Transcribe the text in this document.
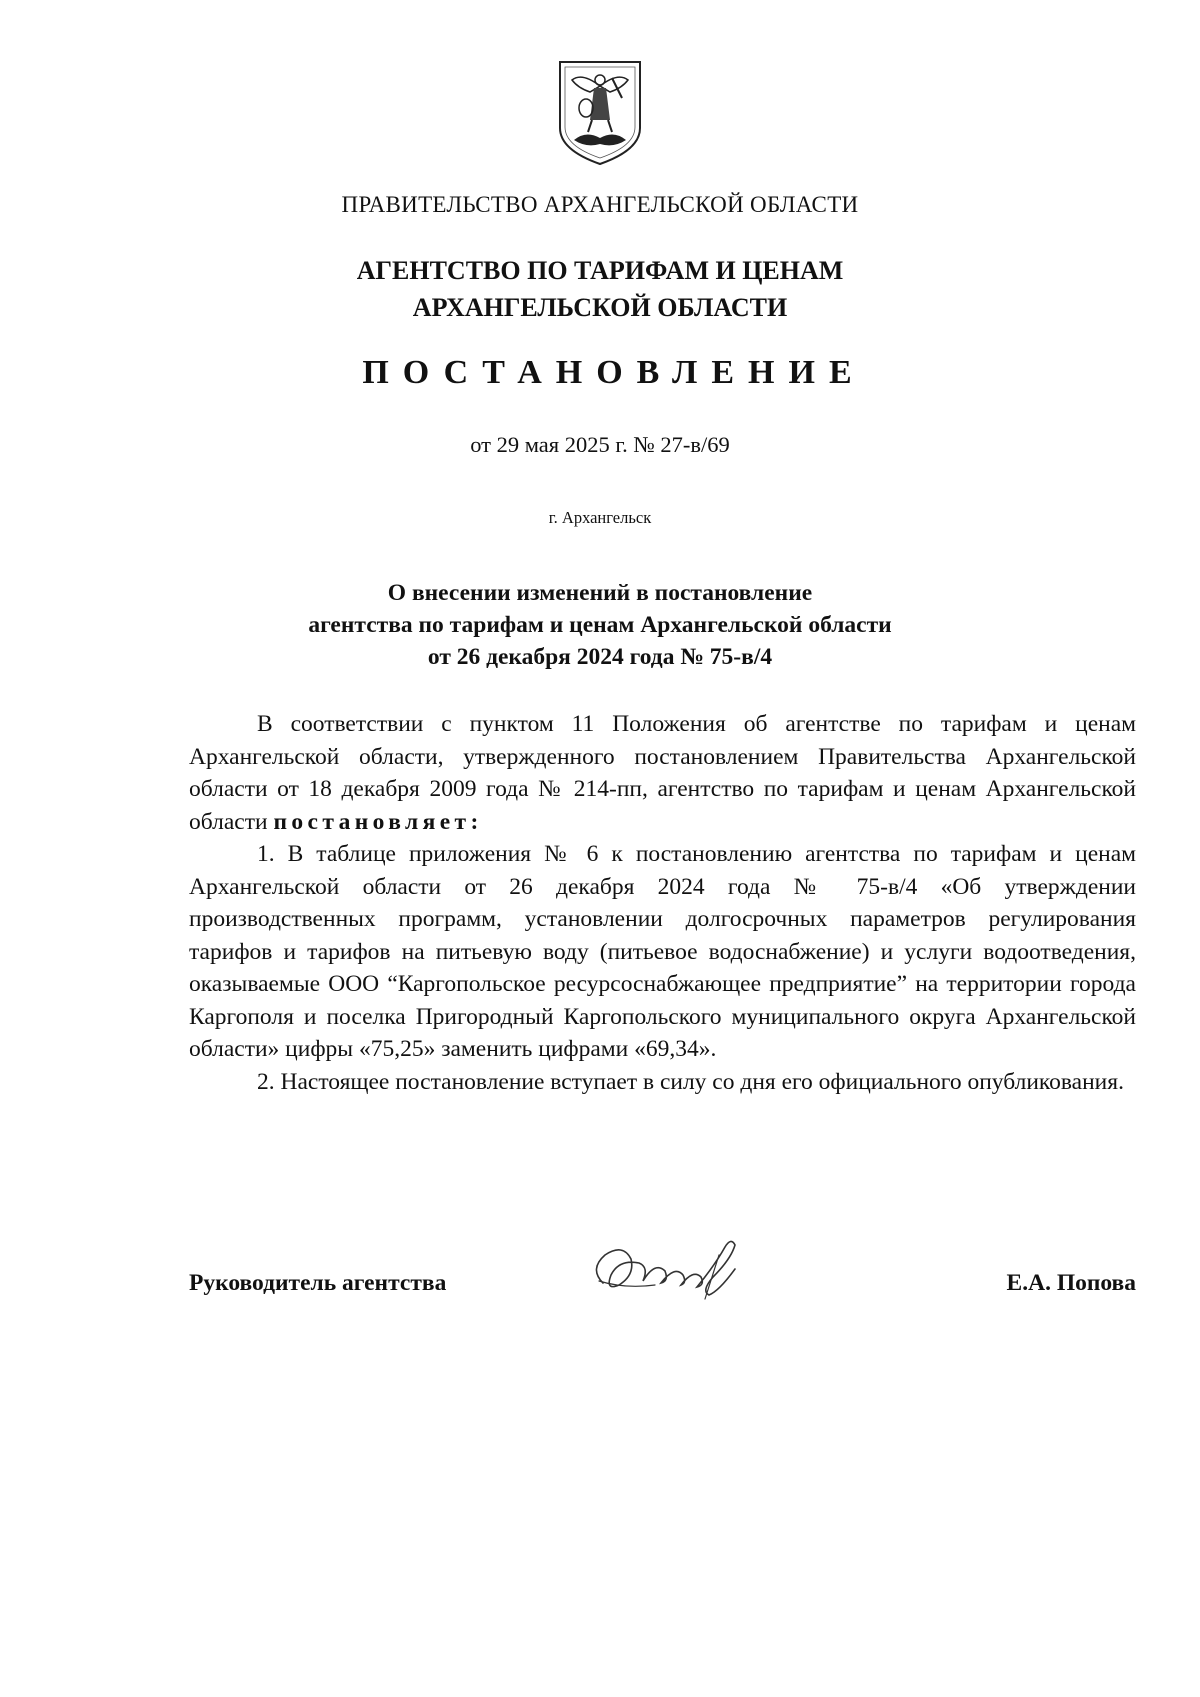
ПРАВИТЕЛЬСТВО АРХАНГЕЛЬСКОЙ ОБЛАСТИ
АГЕНТСТВО ПО ТАРИФАМ И ЦЕНАМ
АРХАНГЕЛЬСКОЙ ОБЛАСТИ
ПОСТАНОВЛЕНИЕ
от 29 мая 2025 г. № 27-в/69
г. Архангельск
О внесении изменений в постановление
агентства по тарифам и ценам Архангельской области
от 26 декабря 2024 года № 75-в/4

В соответствии с пунктом 11 Положения об агентстве по тарифам и ценам Архангельской области, утвержденного постановлением Правительства Архангельской области от 18 декабря 2009 года № 214-пп, агентство по тарифам и ценам Архангельской области постановляет:

1. В таблице приложения № 6 к постановлению агентства по тарифам и ценам Архангельской области от 26 декабря 2024 года № 75-в/4 «Об утверждении производственных программ, установлении долгосрочных параметров регулирования тарифов и тарифов на питьевую воду (питьевое водоснабжение) и услуги водоотведения, оказываемые ООО “Каргопольское ресурсоснабжающее предприятие” на территории города Каргополя и поселка Пригородный Каргопольского муниципального округа Архангельской области» цифры «75,25» заменить цифрами «69,34».

2. Настоящее постановление вступает в силу со дня его официального опубликования.

Руководитель агентства	Е.А. Попова
